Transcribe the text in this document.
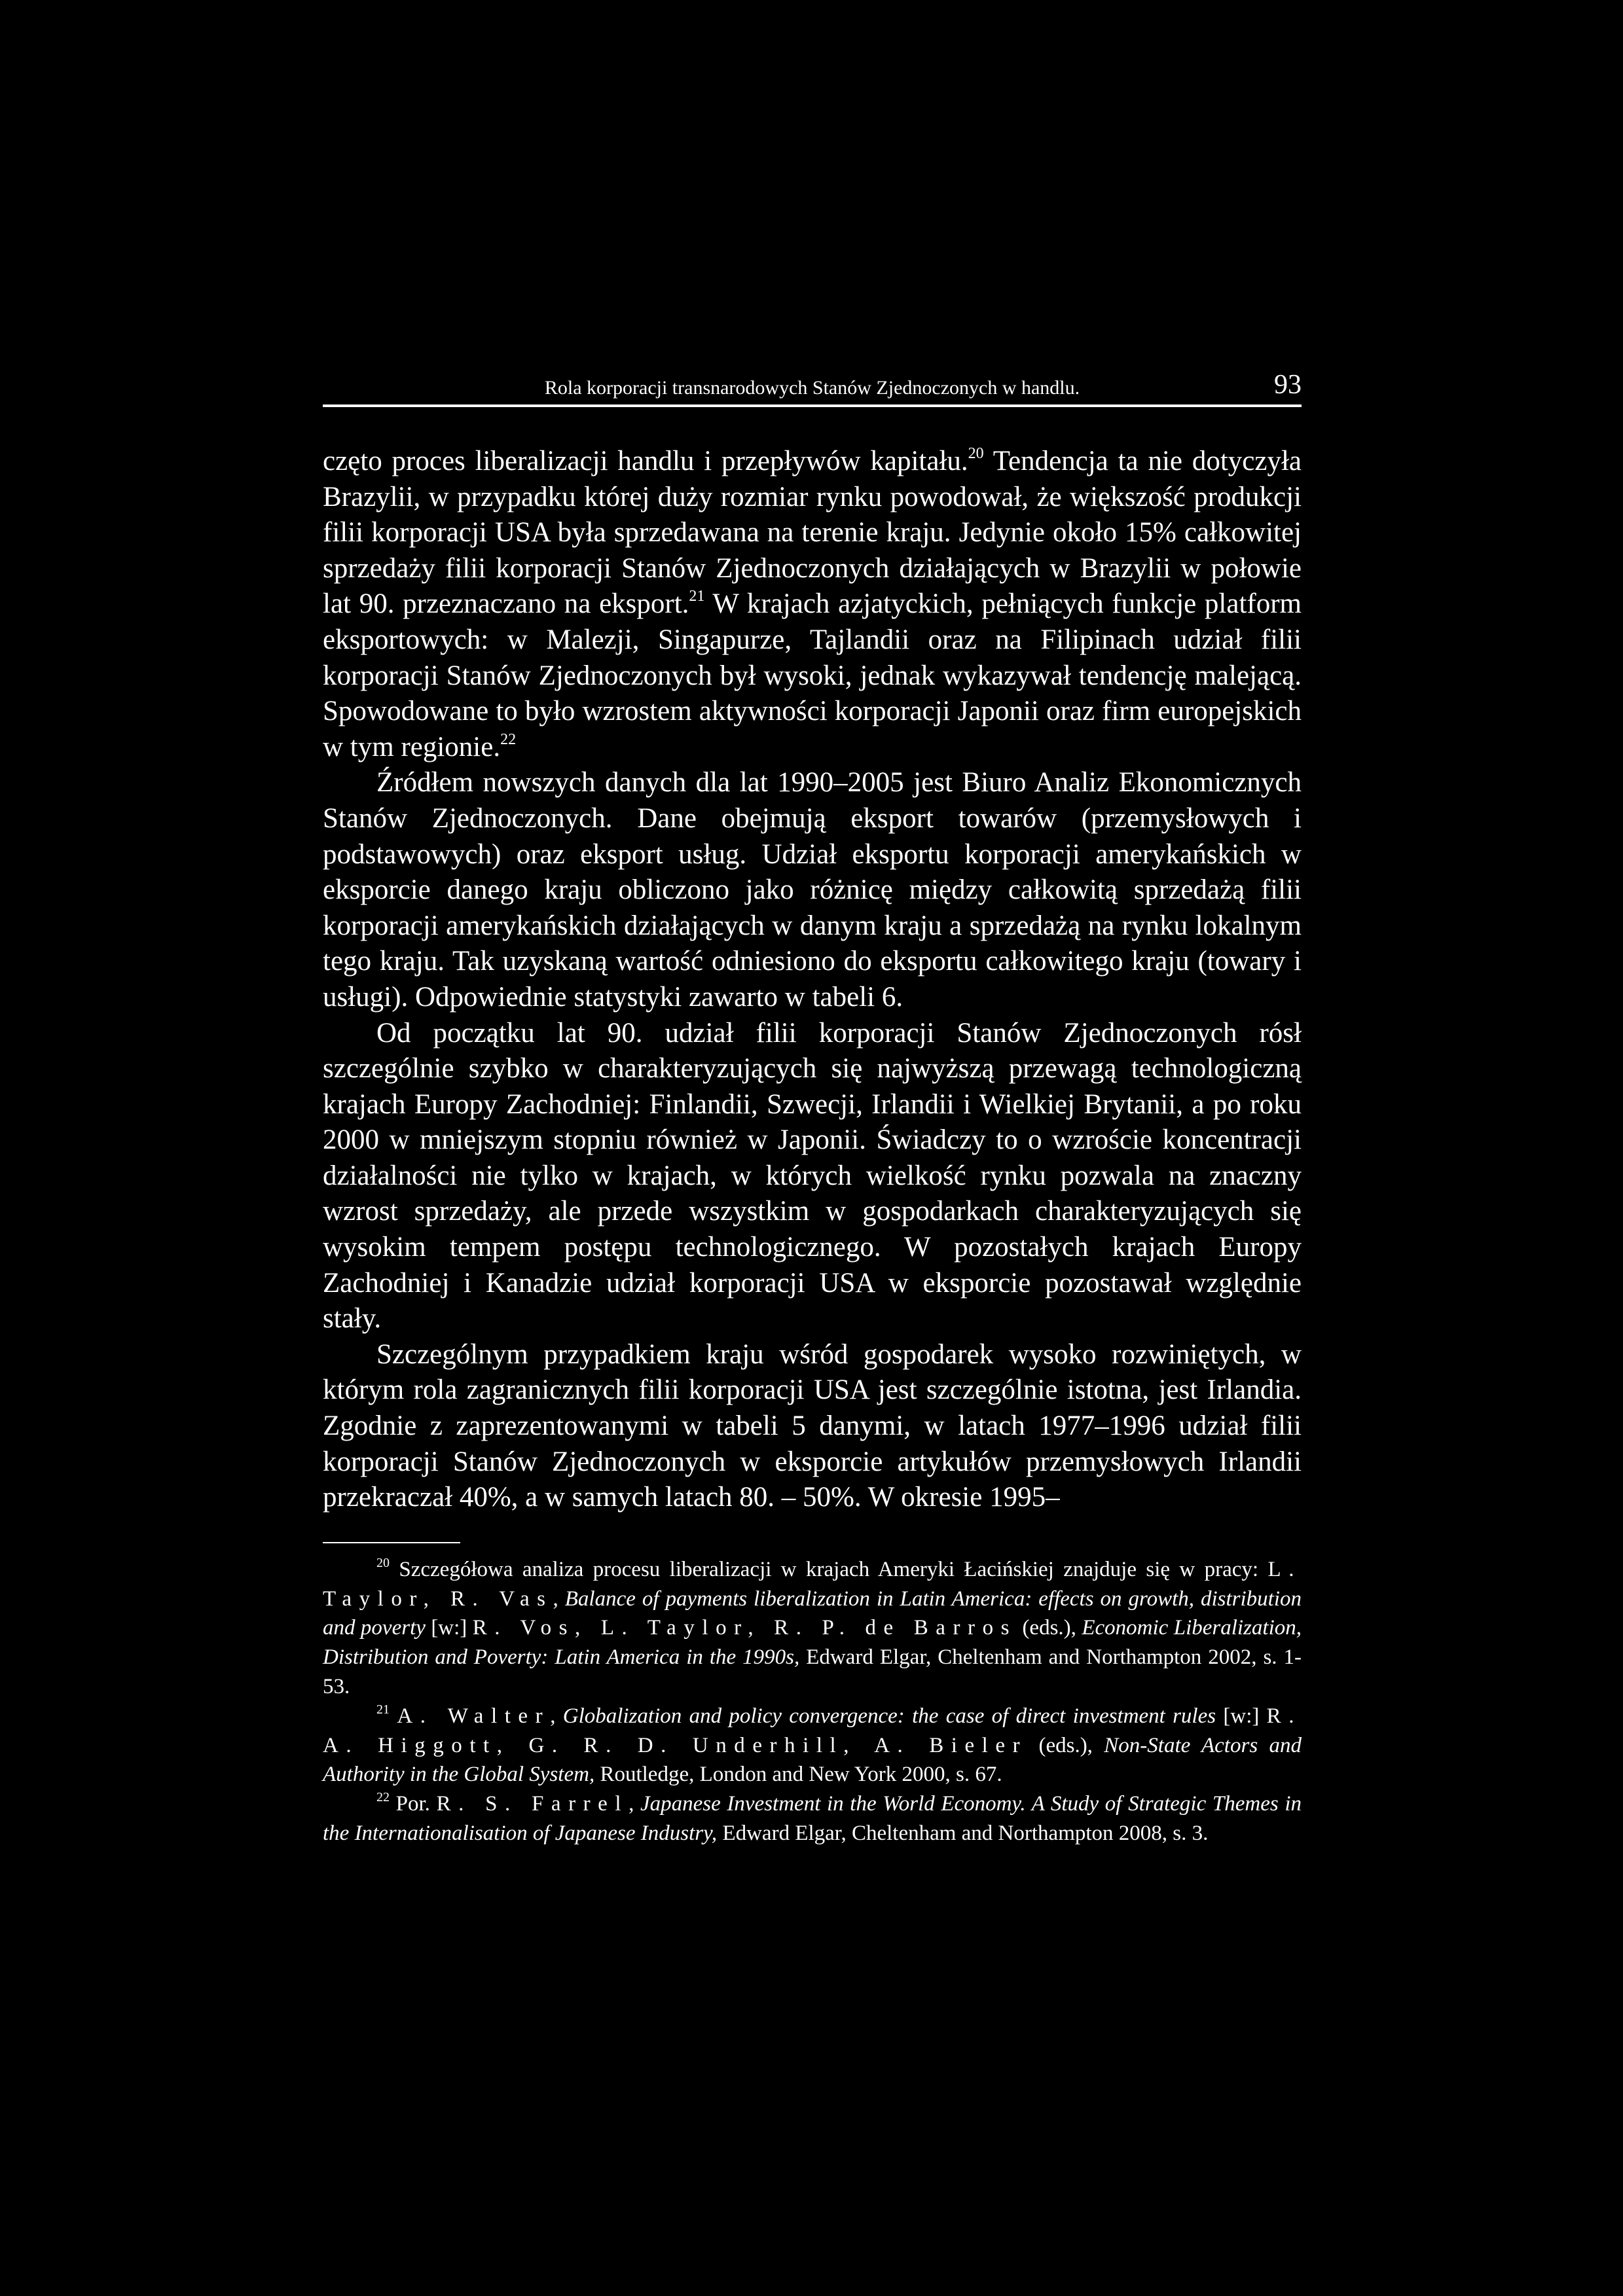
Rola korporacji transnarodowych Stanów Zjednoczonych w handlu.	93

częto proces liberalizacji handlu i przepływów kapitału.$^{20}$ Tendencja ta nie dotyczyła Brazylii, w przypadku której duży rozmiar rynku powodował, że większość produkcji filii korporacji USA była sprzedawana na terenie kraju. Jedynie około 15% całkowitej sprzedaży filii korporacji Stanów Zjednoczonych działających w Brazylii w połowie lat 90. przeznaczano na eksport.$^{21}$ W krajach azjatyckich, pełniących funkcje platform eksportowych: w Malezji, Singapurze, Tajlandii oraz na Filipinach udział filii korporacji Stanów Zjednoczonych był wysoki, jednak wykazywał tendencję malejącą. Spowodowane to było wzrostem aktywności korporacji Japonii oraz firm europejskich w tym regionie.$^{22}$

Źródłem nowszych danych dla lat 1990–2005 jest Biuro Analiz Ekonomicznych Stanów Zjednoczonych. Dane obejmują eksport towarów (przemysłowych i podstawowych) oraz eksport usług. Udział eksportu korporacji amerykańskich w eksporcie danego kraju obliczono jako różnicę między całkowitą sprzedażą filii korporacji amerykańskich działających w danym kraju a sprzedażą na rynku lokalnym tego kraju. Tak uzyskaną wartość odniesiono do eksportu całkowitego kraju (towary i usługi). Odpowiednie statystyki zawarto w tabeli 6.

Od początku lat 90. udział filii korporacji Stanów Zjednoczonych rósł szczególnie szybko w charakteryzujących się najwyższą przewagą technologiczną krajach Europy Zachodniej: Finlandii, Szwecji, Irlandii i Wielkiej Brytanii, a po roku 2000 w mniejszym stopniu również w Japonii. Świadczy to o wzroście koncentracji działalności nie tylko w krajach, w których wielkość rynku pozwala na znaczny wzrost sprzedaży, ale przede wszystkim w gospodarkach charakteryzujących się wysokim tempem postępu technologicznego. W pozostałych krajach Europy Zachodniej i Kanadzie udział korporacji USA w eksporcie pozostawał względnie stały.

Szczególnym przypadkiem kraju wśród gospodarek wysoko rozwiniętych, w którym rola zagranicznych filii korporacji USA jest szczególnie istotna, jest Irlandia. Zgodnie z zaprezentowanymi w tabeli 5 danymi, w latach 1977–1996 udział filii korporacji Stanów Zjednoczonych w eksporcie artykułów przemysłowych Irlandii przekraczał 40%, a w samych latach 80. – 50%. W okresie 1995–

$^{20}$ Szczegółowa analiza procesu liberalizacji w krajach Ameryki Łacińskiej znajduje się w pracy: L. Taylor, R. Vas, Balance of payments liberalization in Latin America: effects on growth, distribution and poverty [w:] R. Vos, L. Taylor, R. P. de Barros (eds.), Economic Liberalization, Distribution and Poverty: Latin America in the 1990s, Edward Elgar, Cheltenham and Northampton 2002, s. 1-53.

$^{21}$ A. Walter, Globalization and policy convergence: the case of direct investment rules [w:] R. A. Higgott, G. R. D. Underhill, A. Bieler (eds.), Non-State Actors and Authority in the Global System, Routledge, London and New York 2000, s. 67.

$^{22}$ Por. R. S. Farrel, Japanese Investment in the World Economy. A Study of Strategic Themes in the Internationalisation of Japanese Industry, Edward Elgar, Cheltenham and Northampton 2008, s. 3.
